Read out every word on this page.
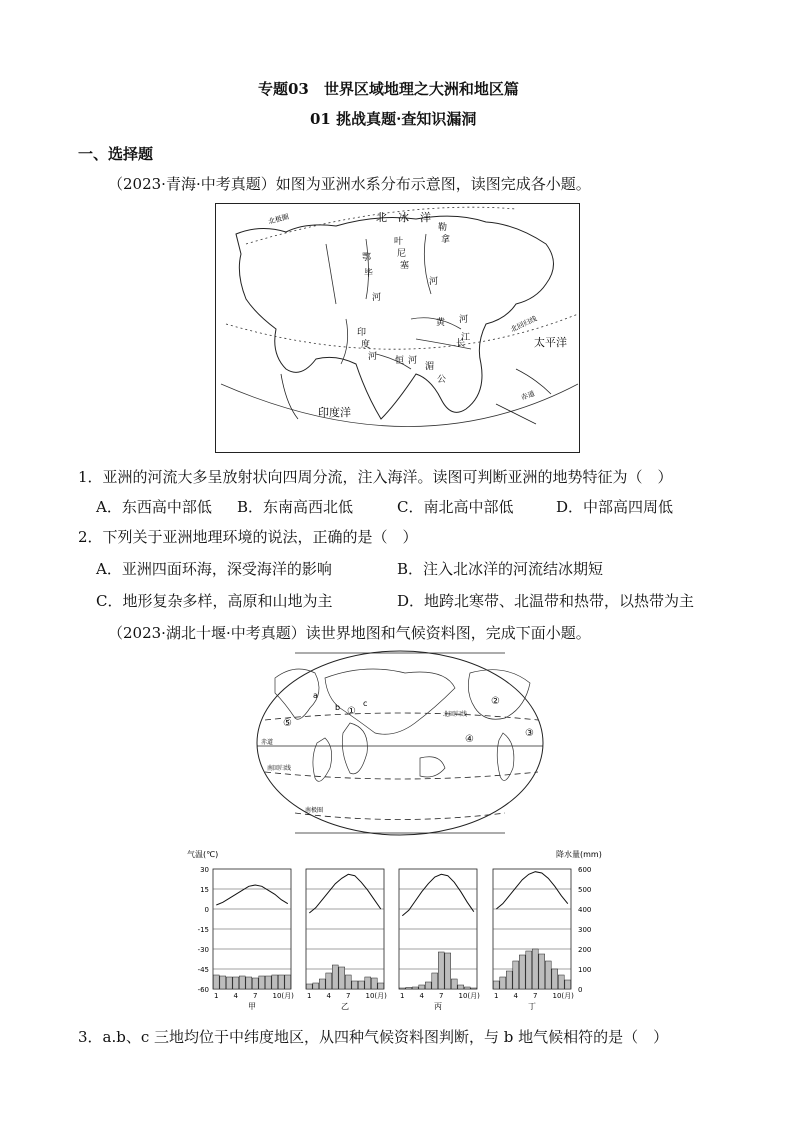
专题03　世界区域地理之大洲和地区篇
01 挑战真题·查知识漏洞
一、选择题
（2023·青海·中考真题）如图为亚洲水系分布示意图，读图完成各小题。
北　冰　洋
北极圈
北回归线
赤道
太平洋
印度洋
鄂
毕
河
叶
尼
塞
勒
拿
河
黄 河
长
江
恒 河
印
度
河
湄
公
1．亚洲的河流大多呈放射状向四周分流，注入海洋。读图可判断亚洲的地势特征为（　）
A．东西高中部低 B．东南高西北低	C．南北高中部低	D．中部高四周低
2．下列关于亚洲地理环境的说法，正确的是（　）
A．亚洲四面环海，深受海洋的影响	B．注入北冰洋的河流结冰期短
C．地形复杂多样，高原和山地为主	D．地跨北寒带、北温带和热带，以热带为主
（2023·湖北十堰·中考真题）读世界地图和气候资料图，完成下面小题。
a
b	c
①
②
③
④
⑤
北回归线
赤道
南回归线
南极圈
气温(℃)	降水量(mm)
30
15
0
-15
-30
-45
-60
600
500
400
300
200
100
0
1 4 7 10(月)
甲
1 4 7 10(月)
乙
1 4 7 10(月)
丙
1 4 7 10(月)
丁
3．a.b、c 三地均位于中纬度地区，从四种气候资料图判断，与 b 地气候相符的是（　）
